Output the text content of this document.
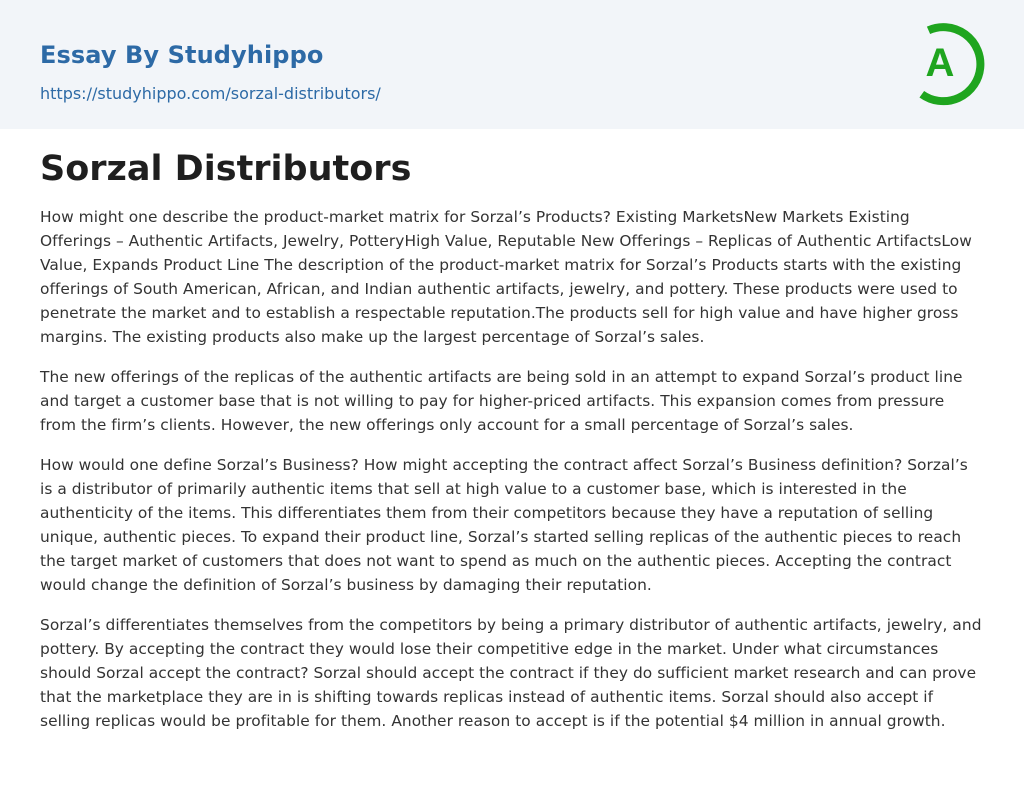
Essay By Studyhippo
https://studyhippo.com/sorzal-distributors/
A
Sorzal Distributors

How might one describe the product-market matrix for Sorzal’s Products? Existing MarketsNew Markets Existing Offerings – Authentic Artifacts, Jewelry, PotteryHigh Value, Reputable New Offerings – Replicas of Authentic ArtifactsLow Value, Expands Product Line The description of the product-market matrix for Sorzal’s Products starts with the existing offerings of South American, African, and Indian authentic artifacts, jewelry, and pottery. These products were used to penetrate the market and to establish a respectable reputation.The products sell for high value and have higher gross margins. The existing products also make up the largest percentage of Sorzal’s sales.

The new offerings of the replicas of the authentic artifacts are being sold in an attempt to expand Sorzal’s product line and target a customer base that is not willing to pay for higher-priced artifacts. This expansion comes from pressure from the firm’s clients. However, the new offerings only account for a small percentage of Sorzal’s sales.

How would one define Sorzal’s Business? How might accepting the contract affect Sorzal’s Business definition? Sorzal’s is a distributor of primarily authentic items that sell at high value to a customer base, which is interested in the authenticity of the items. This differentiates them from their competitors because they have a reputation of selling unique, authentic pieces. To expand their product line, Sorzal’s started selling replicas of the authentic pieces to reach the target market of customers that does not want to spend as much on the authentic pieces. Accepting the contract would change the definition of Sorzal’s business by damaging their reputation.

Sorzal’s differentiates themselves from the competitors by being a primary distributor of authentic artifacts, jewelry, and pottery. By accepting the contract they would lose their competitive edge in the market. Under what circumstances should Sorzal accept the contract? Sorzal should accept the contract if they do sufficient market research and can prove that the marketplace they are in is shifting towards replicas instead of authentic items. Sorzal should also accept if selling replicas would be profitable for them. Another reason to accept is if the potential $4 million in annual growth.
